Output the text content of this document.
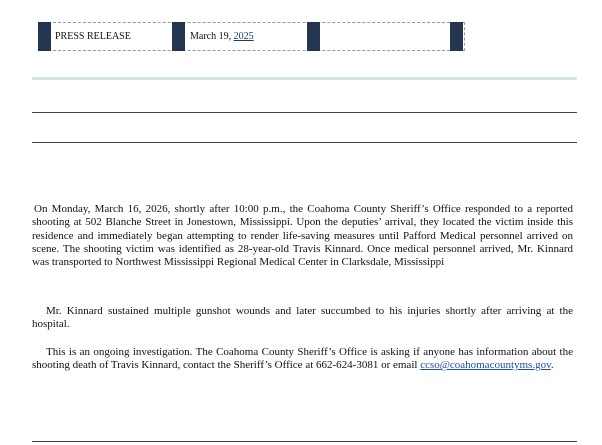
PRESS RELEASE	March 19, 2025

On Monday, March 16, 2026, shortly after 10:00 p.m., the Coahoma County Sheriff’s Office responded to a reported shooting at 502 Blanche Street in Jonestown, Mississippi. Upon the deputies’ arrival, they located the victim inside this residence and immediately began attempting to render life-saving measures until Pafford Medical personnel arrived on scene. The shooting victim was identified as 28-year-old Travis Kinnard. Once medical personnel arrived, Mr. Kinnard was transported to Northwest Mississippi Regional Medical Center in Clarksdale, Mississippi

Mr. Kinnard sustained multiple gunshot wounds and later succumbed to his injuries shortly after arriving at the hospital.

This is an ongoing investigation. The Coahoma County Sheriff’s Office is asking if anyone has information about the shooting death of Travis Kinnard, contact the Sheriff’s Office at 662-624-3081 or email ccso@coahomacountyms.gov.
